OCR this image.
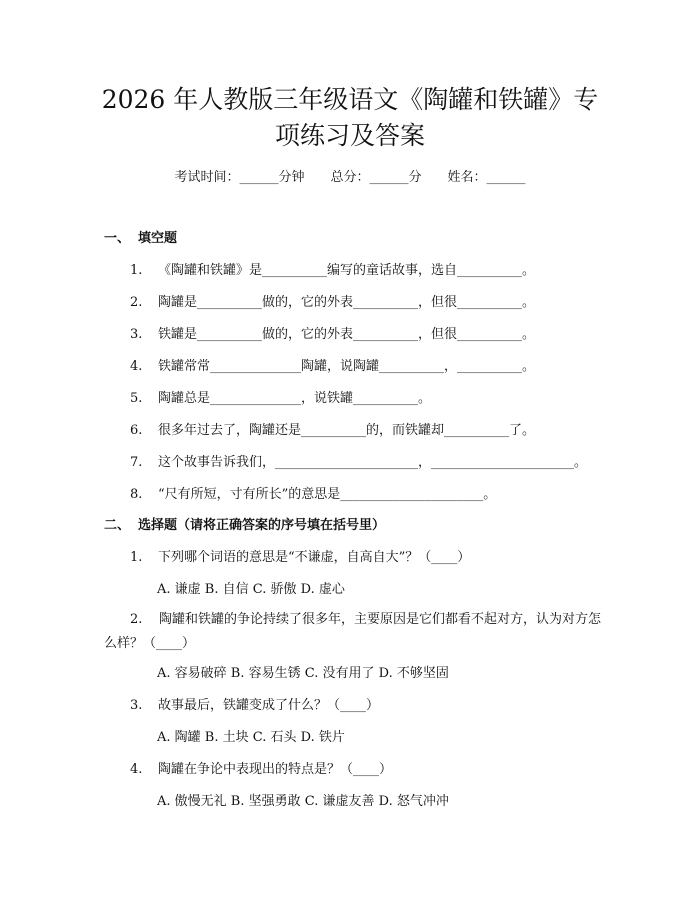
2026 年人教版三年级语文《陶罐和铁罐》专
项练习及答案
考试时间：______分钟 总分：______分 姓名：______
一、 填空题
1. 《陶罐和铁罐》是__________编写的童话故事，选自__________。
2. 陶罐是__________做的，它的外表__________，但很__________。
3. 铁罐是__________做的，它的外表__________，但很__________。
4. 铁罐常常______________陶罐，说陶罐__________，__________。
5. 陶罐总是______________，说铁罐__________。
6. 很多年过去了，陶罐还是__________的，而铁罐却__________了。
7. 这个故事告诉我们，______________________，______________________。
8. “尺有所短，寸有所长”的意思是______________________。
二、 选择题（请将正确答案的序号填在括号里）
1. 下列哪个词语的意思是“不谦虚，自高自大”？（____）
A. 谦虚 B. 自信 C. 骄傲 D. 虚心
2. 陶罐和铁罐的争论持续了很多年，主要原因是它们都看不起对方，认为对方怎么样？（____）
A. 容易破碎 B. 容易生锈 C. 没有用了 D. 不够坚固
3. 故事最后，铁罐变成了什么？（____）
A. 陶罐 B. 土块 C. 石头 D. 铁片
4. 陶罐在争论中表现出的特点是？（____）
A. 傲慢无礼 B. 坚强勇敢 C. 谦虚友善 D. 怒气冲冲
